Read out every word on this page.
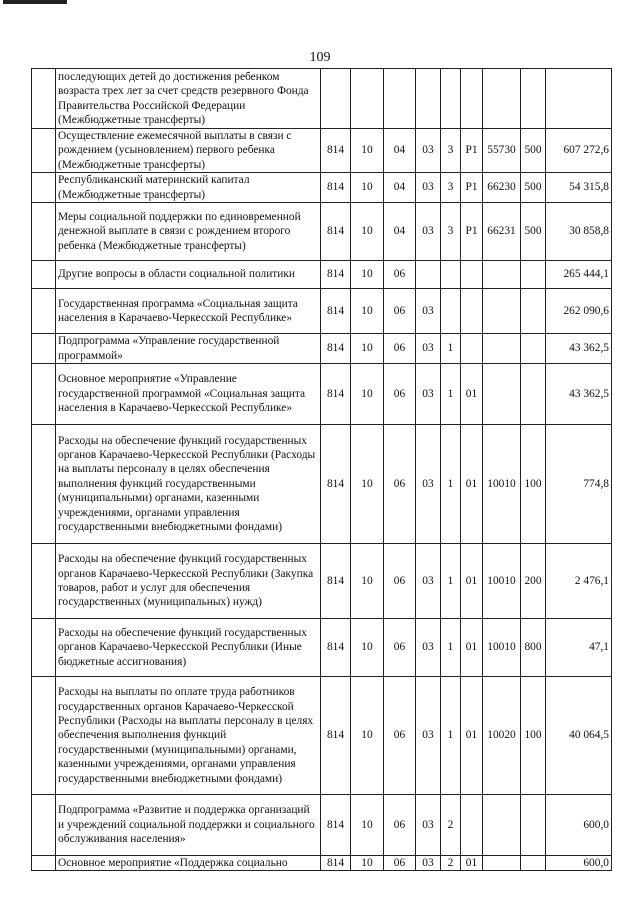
109
	последующих детей до достижения ребенком возраста трех лет за счет средств резервного Фонда Правительства Российской Федерации (Межбюджетные трансферты)									
	Осуществление ежемесячной выплаты в связи с рождением (усыновлением) первого ребенка (Межбюджетные трансферты)	814	10	04	03	3	Р1	55730	500	607 272,6
	Республиканский материнский капитал (Межбюджетные трансферты)	814	10	04	03	3	Р1	66230	500	54 315,8
	Меры социальной поддержки по единовременной денежной выплате в связи с рождением второго ребенка (Межбюджетные трансферты)	814	10	04	03	3	Р1	66231	500	30 858,8
	Другие вопросы в области социальной политики	814	10	06						265 444,1
	Государственная программа «Социальная защита населения в Карачаево-Черкесской Республике»	814	10	06	03					262 090,6
	Подпрограмма «Управление государственной программой»	814	10	06	03	1				43 362,5
	Основное мероприятие «Управление государственной программой «Социальная защита населения в Карачаево-Черкесской Республике»	814	10	06	03	1	01			43 362,5
	Расходы на обеспечение функций государственных органов Карачаево-Черкесской Республики (Расходы на выплаты персоналу в целях обеспечения выполнения функций государственными (муниципальными) органами, казенными учреждениями, органами управления государственными внебюджетными фондами)	814	10	06	03	1	01	10010	100	774,8
	Расходы на обеспечение функций государственных органов Карачаево-Черкесской Республики (Закупка товаров, работ и услуг для обеспечения государственных (муниципальных) нужд)	814	10	06	03	1	01	10010	200	2 476,1
	Расходы на обеспечение функций государственных органов Карачаево-Черкесской Республики (Иные бюджетные ассигнования)	814	10	06	03	1	01	10010	800	47,1
	Расходы на выплаты по оплате труда работников государственных органов Карачаево-Черкесской Республики (Расходы на выплаты персоналу в целях обеспечения выполнения функций государственными (муниципальными) органами, казенными учреждениями, органами управления государственными внебюджетными фондами)	814	10	06	03	1	01	10020	100	40 064,5
	Подпрограмма «Развитие и поддержка организаций и учреждений социальной поддержки и социального обслуживания населения»	814	10	06	03	2				600,0
	Основное мероприятие «Поддержка социально	814	10	06	03	2	01			600,0
